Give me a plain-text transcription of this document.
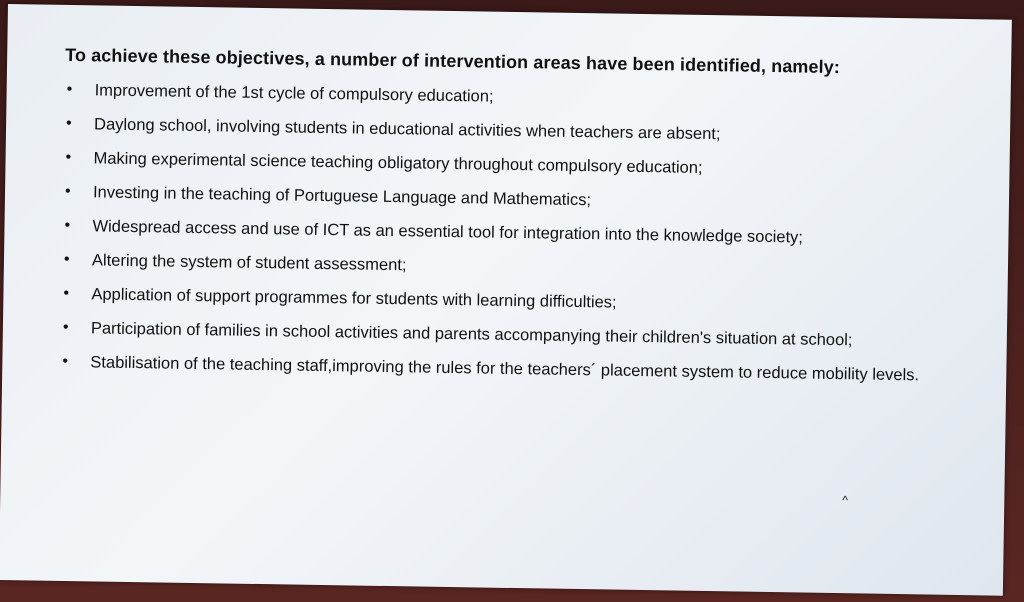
To achieve these objectives, a number of intervention areas have been identified, namely:

• Improvement of the 1st cycle of compulsory education;
• Daylong school, involving students in educational activities when teachers are absent;
• Making experimental science teaching obligatory throughout compulsory education;
• Investing in the teaching of Portuguese Language and Mathematics;
• Widespread access and use of ICT as an essential tool for integration into the knowledge society;
• Altering the system of student assessment;
• Application of support programmes for students with learning difficulties;
• Participation of families in school activities and parents accompanying their children's situation at school;
• Stabilisation of the teaching staff,improving the rules for the teachers´ placement system to reduce mobility levels.
^
